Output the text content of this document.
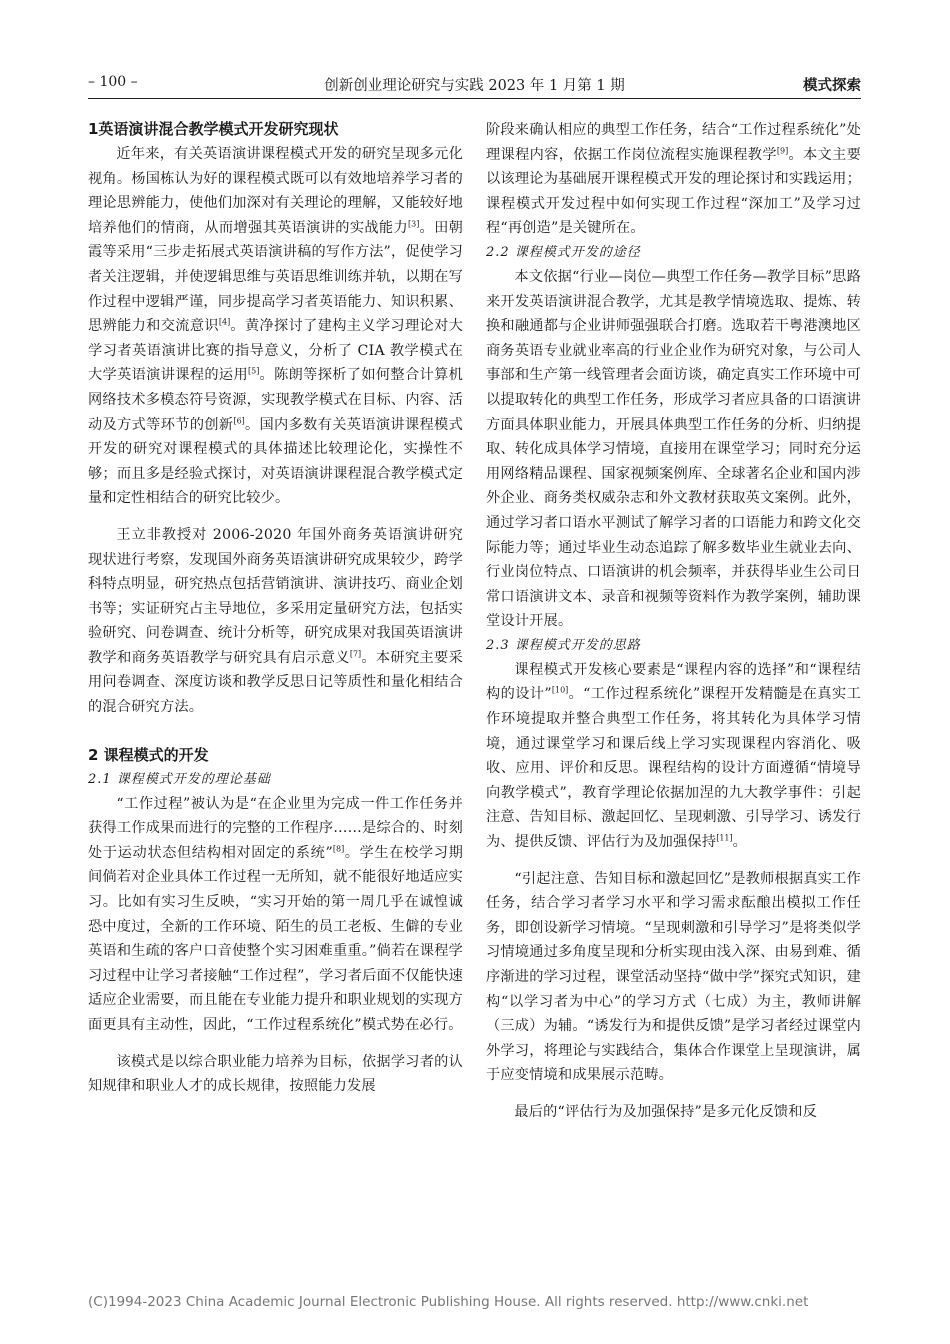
– 100 –	创新创业理论研究与实践 2023 年 1 月第 1 期	模式探索
1英语演讲混合教学模式开发研究现状

近年来，有关英语演讲课程模式开发的研究呈现多元化视角。杨国栋认为好的课程模式既可以有效地培养学习者的理论思辨能力，使他们加深对有关理论的理解，又能较好地培养他们的情商，从而增强其英语演讲的实战能力[3]。田朝霞等采用“三步走拓展式英语演讲稿的写作方法”，促使学习者关注逻辑，并使逻辑思维与英语思维训练并轨，以期在写作过程中逻辑严谨，同步提高学习者英语能力、知识积累、思辨能力和交流意识[4]。黄净探讨了建构主义学习理论对大学习者英语演讲比赛的指导意义，分析了 CIA 教学模式在大学英语演讲课程的运用[5]。陈朗等探析了如何整合计算机网络技术多模态符号资源，实现教学模式在目标、内容、活动及方式等环节的创新[6]。国内多数有关英语演讲课程模式开发的研究对课程模式的具体描述比较理论化，实操性不够；而且多是经验式探讨，对英语演讲课程混合教学模式定量和定性相结合的研究比较少。

王立非教授对 2006-2020 年国外商务英语演讲研究现状进行考察，发现国外商务英语演讲研究成果较少，跨学科特点明显，研究热点包括营销演讲、演讲技巧、商业企划书等；实证研究占主导地位，多采用定量研究方法，包括实验研究、问卷调查、统计分析等，研究成果对我国英语演讲教学和商务英语教学与研究具有启示意义[7]。本研究主要采用问卷调查、深度访谈和教学反思日记等质性和量化相结合的混合研究方法。

2 课程模式的开发
2.1 课程模式开发的理论基础

“工作过程”被认为是“在企业里为完成一件工作任务并获得工作成果而进行的完整的工作程序……是综合的、时刻处于运动状态但结构相对固定的系统”[8]。学生在校学习期间倘若对企业具体工作过程一无所知，就不能很好地适应实习。比如有实习生反映，“实习开始的第一周几乎在诚惶诚恐中度过，全新的工作环境、陌生的员工老板、生僻的专业英语和生疏的客户口音使整个实习困难重重。”倘若在课程学习过程中让学习者接触“工作过程”，学习者后面不仅能快速适应企业需要，而且能在专业能力提升和职业规划的实现方面更具有主动性，因此，“工作过程系统化”模式势在必行。

该模式是以综合职业能力培养为目标，依据学习者的认知规律和职业人才的成长规律，按照能力发展

阶段来确认相应的典型工作任务，结合“工作过程系统化”处理课程内容，依据工作岗位流程实施课程教学[9]。本文主要以该理论为基础展开课程模式开发的理论探讨和实践运用；课程模式开发过程中如何实现工作过程“深加工”及学习过程“再创造”是关键所在。

2.2 课程模式开发的途径

本文依据“行业—岗位—典型工作任务—教学目标”思路来开发英语演讲混合教学，尤其是教学情境选取、提炼、转换和融通都与企业讲师强强联合打磨。选取若干粤港澳地区商务英语专业就业率高的行业企业作为研究对象，与公司人事部和生产第一线管理者会面访谈，确定真实工作环境中可以提取转化的典型工作任务，形成学习者应具备的口语演讲方面具体职业能力，开展具体典型工作任务的分析、归纳提取、转化成具体学习情境，直接用在课堂学习；同时充分运用网络精品课程、国家视频案例库、全球著名企业和国内涉外企业、商务类权威杂志和外文教材获取英文案例。此外，通过学习者口语水平测试了解学习者的口语能力和跨文化交际能力等；通过毕业生动态追踪了解多数毕业生就业去向、行业岗位特点、口语演讲的机会频率，并获得毕业生公司日常口语演讲文本、录音和视频等资料作为教学案例，辅助课堂设计开展。

2.3 课程模式开发的思路

课程模式开发核心要素是“课程内容的选择”和“课程结构的设计”[10]。“工作过程系统化”课程开发精髓是在真实工作环境提取并整合典型工作任务，将其转化为具体学习情境，通过课堂学习和课后线上学习实现课程内容消化、吸收、应用、评价和反思。课程结构的设计方面遵循“情境导向教学模式”，教育学理论依据加涅的九大教学事件：引起注意、告知目标、激起回忆、呈现刺激、引导学习、诱发行为、提供反馈、评估行为及加强保持[11]。

“引起注意、告知目标和激起回忆”是教师根据真实工作任务，结合学习者学习水平和学习需求酝酿出模拟工作任务，即创设新学习情境。“呈现刺激和引导学习”是将类似学习情境通过多角度呈现和分析实现由浅入深、由易到难、循序渐进的学习过程，课堂活动坚持“做中学”探究式知识，建构“以学习者为中心”的学习方式（七成）为主，教师讲解（三成）为辅。“诱发行为和提供反馈”是学习者经过课堂内外学习，将理论与实践结合，集体合作课堂上呈现演讲，属于应变情境和成果展示范畴。

最后的“评估行为及加强保持”是多元化反馈和反

(C)1994-2023 China Academic Journal Electronic Publishing House. All rights reserved. http://www.cnki.net
